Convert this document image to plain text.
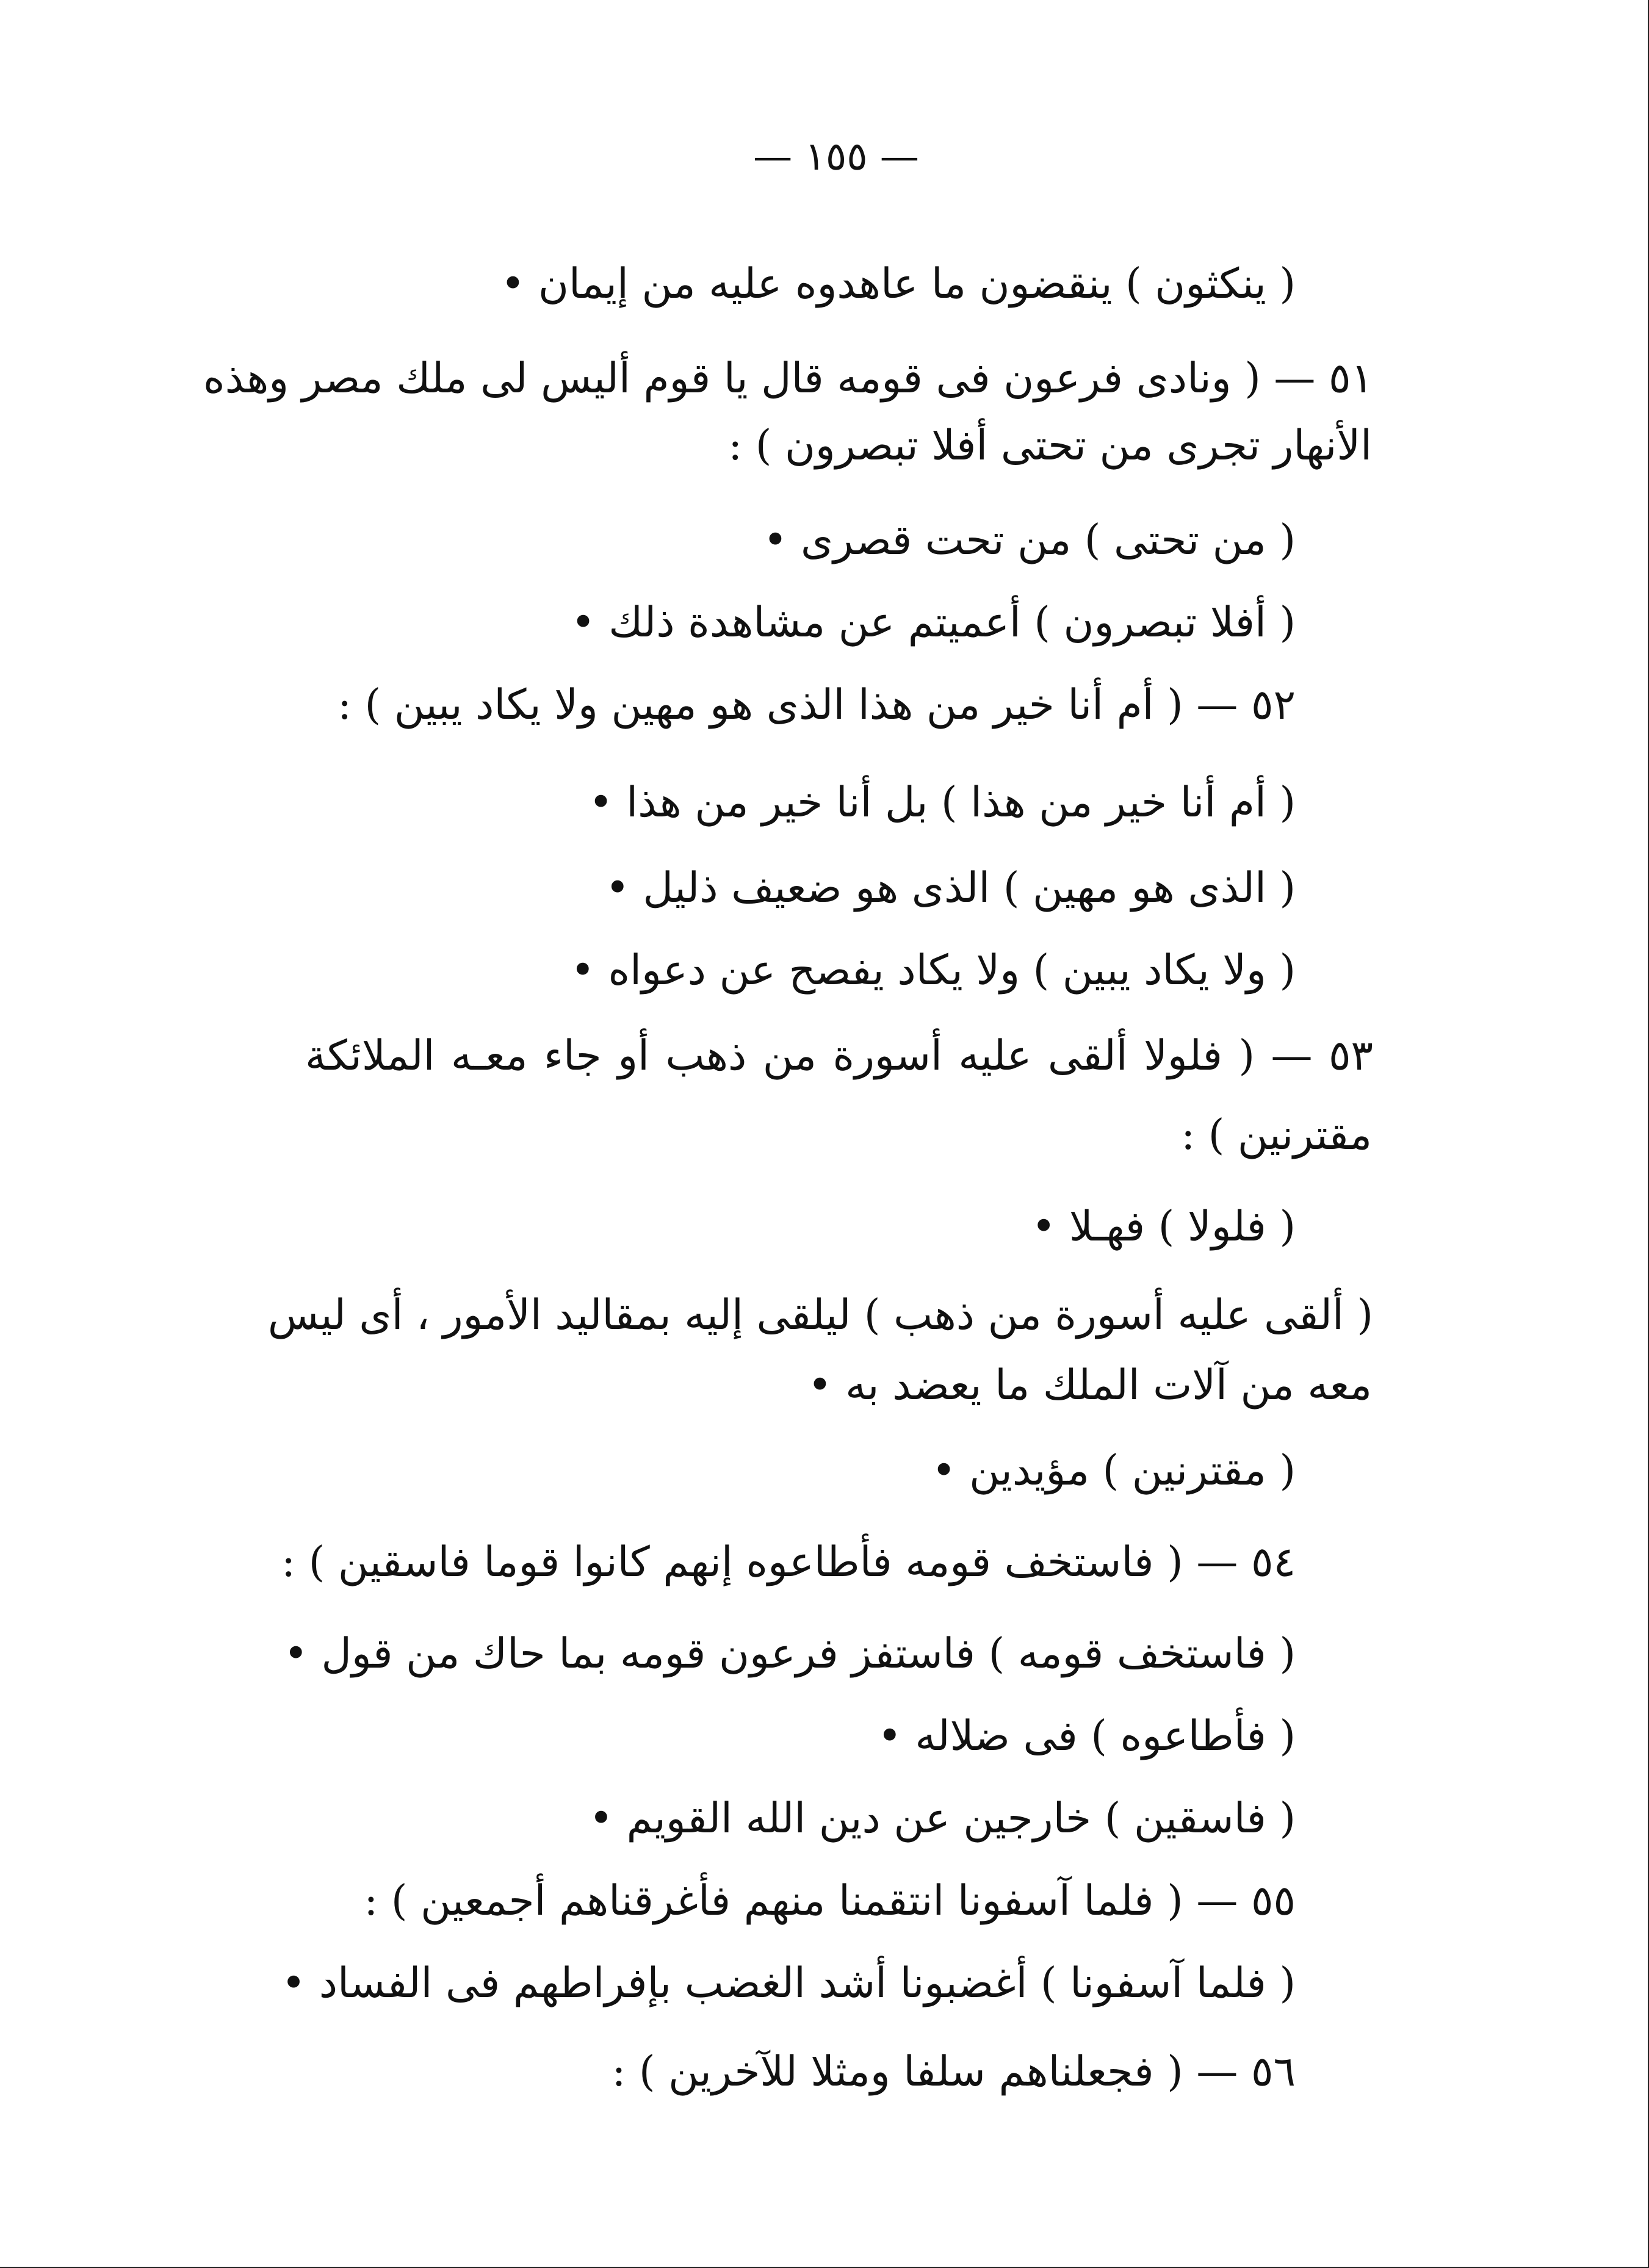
— ١٥٥ —

( ينكثون ) ينقضون ما عاهدوه عليه من إيمان •

٥١ — ( ونادى فرعون فى قومه قال يا قوم أليس لى ملك مصر وهذه

الأنهار تجرى من تحتى أفلا تبصرون ) :

( من تحتى ) من تحت قصرى •

( أفلا تبصرون ) أعميتم عن مشاهدة ذلك •

٥٢ — ( أم أنا خير من هذا الذى هو مهين ولا يكاد يبين ) :

( أم أنا خير من هذا ) بل أنا خير من هذا •

( الذى هو مهين ) الذى هو ضعيف ذليل •

( ولا يكاد يبين ) ولا يكاد يفصح عن دعواه •

٥٣ — ( فلولا ألقى عليه أسورة من ذهب أو جاء معـه الملائكة

مقترنين ) :

( فلولا ) فهـلا •

( ألقى عليه أسورة من ذهب ) ليلقى إليه بمقاليد الأمور ، أى ليس

معه من آلات الملك ما يعضد به •

( مقترنين ) مؤيدين •

٥٤ — ( فاستخف قومه فأطاعوه إنهم كانوا قوما فاسقين ) :

( فاستخف قومه ) فاستفز فرعون قومه بما حاك من قول •

( فأطاعوه ) فى ضلاله •

( فاسقين ) خارجين عن دين الله القويم •

٥٥ — ( فلما آسفونا انتقمنا منهم فأغرقناهم أجمعين ) :

( فلما آسفونا ) أغضبونا أشد الغضب بإفراطهم فى الفساد •

٥٦ — ( فجعلناهم سلفا ومثلا للآخرين ) :
